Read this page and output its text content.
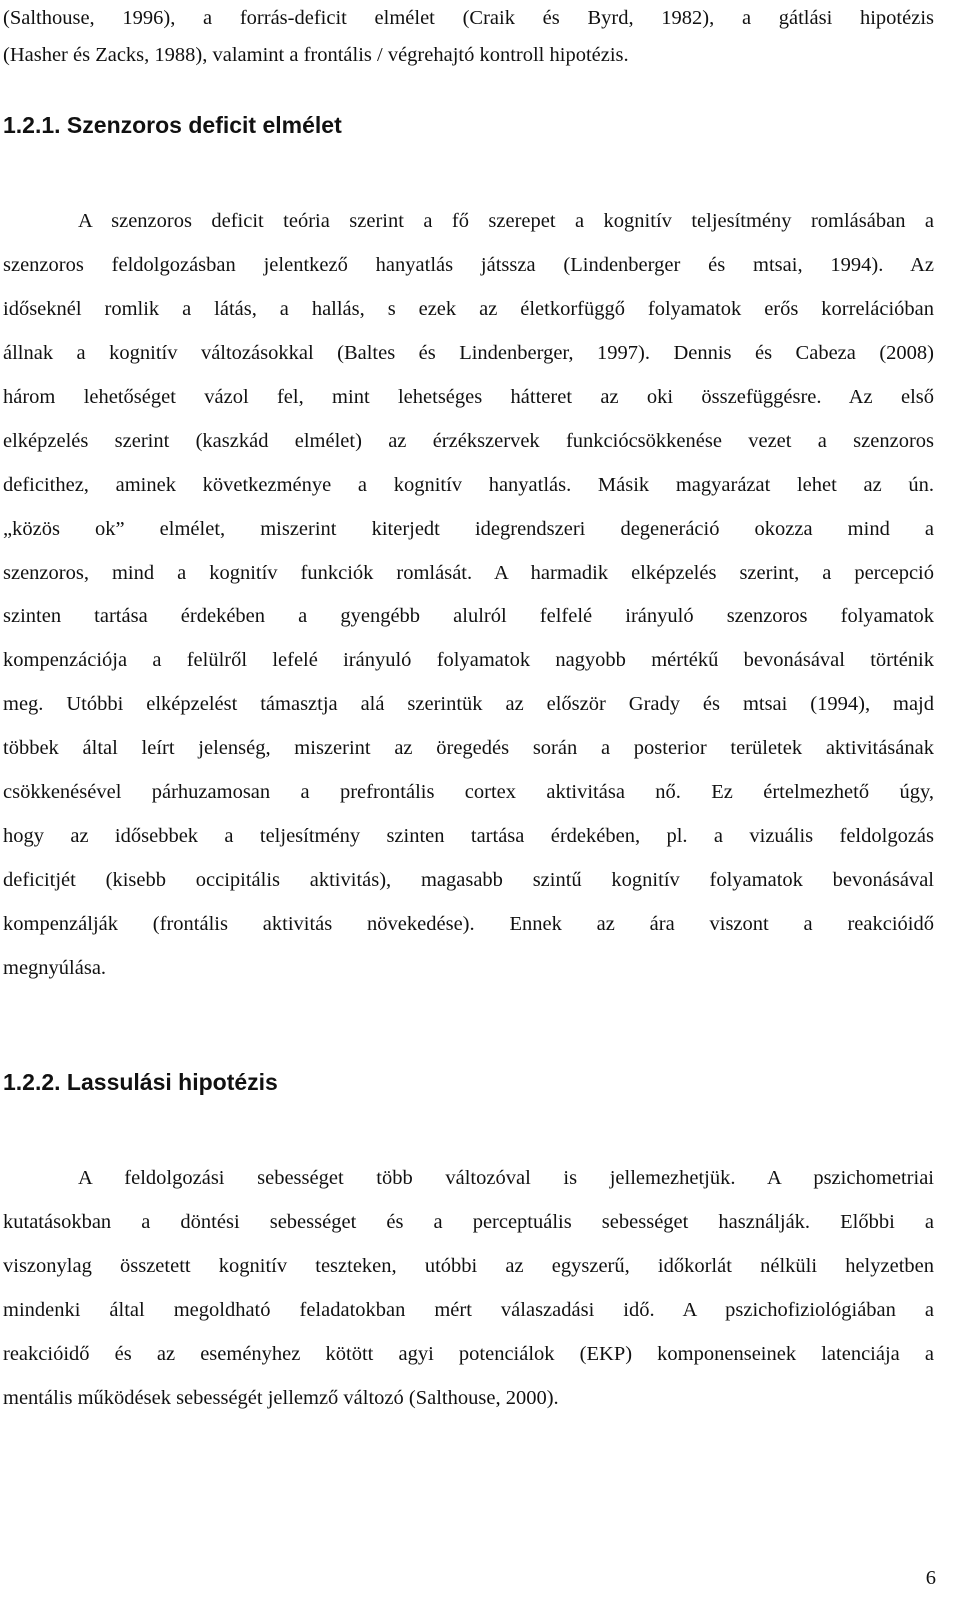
(Salthouse, 1996), a forrás-deficit elmélet (Craik és Byrd, 1982), a gátlási hipotézis
(Hasher és Zacks, 1988), valamint a frontális / végrehajtó kontroll hipotézis.
1.2.1. Szenzoros deficit elmélet
A szenzoros deficit teória szerint a fő szerepet a kognitív teljesítmény romlásában a
szenzoros feldolgozásban jelentkező hanyatlás játssza (Lindenberger és mtsai, 1994). Az
időseknél romlik a látás, a hallás, s ezek az életkorfüggő folyamatok erős korrelációban
állnak a kognitív változásokkal (Baltes és Lindenberger, 1997). Dennis és Cabeza (2008)
három lehetőséget vázol fel, mint lehetséges hátteret az oki összefüggésre. Az első
elképzelés szerint (kaszkád elmélet) az érzékszervek funkciócsökkenése vezet a szenzoros
deficithez, aminek következménye a kognitív hanyatlás. Másik magyarázat lehet az ún.
„közös ok” elmélet, miszerint kiterjedt idegrendszeri degeneráció okozza mind a
szenzoros, mind a kognitív funkciók romlását. A harmadik elképzelés szerint, a percepció
szinten tartása érdekében a gyengébb alulról felfelé irányuló szenzoros folyamatok
kompenzációja a felülről lefelé irányuló folyamatok nagyobb mértékű bevonásával történik
meg. Utóbbi elképzelést támasztja alá szerintük az először Grady és mtsai (1994), majd
többek által leírt jelenség, miszerint az öregedés során a posterior területek aktivitásának
csökkenésével párhuzamosan a prefrontális cortex aktivitása nő. Ez értelmezhető úgy,
hogy az idősebbek a teljesítmény szinten tartása érdekében, pl. a vizuális feldolgozás
deficitjét (kisebb occipitális aktivitás), magasabb szintű kognitív folyamatok bevonásával
kompenzálják (frontális aktivitás növekedése). Ennek az ára viszont a reakcióidő
megnyúlása.
1.2.2. Lassulási hipotézis
A feldolgozási sebességet több változóval is jellemezhetjük. A pszichometriai
kutatásokban a döntési sebességet és a perceptuális sebességet használják. Előbbi a
viszonylag összetett kognitív teszteken, utóbbi az egyszerű, időkorlát nélküli helyzetben
mindenki által megoldható feladatokban mért válaszadási idő. A pszichofiziológiában a
reakcióidő és az eseményhez kötött agyi potenciálok (EKP) komponenseinek latenciája a
mentális működések sebességét jellemző változó (Salthouse, 2000).
6
